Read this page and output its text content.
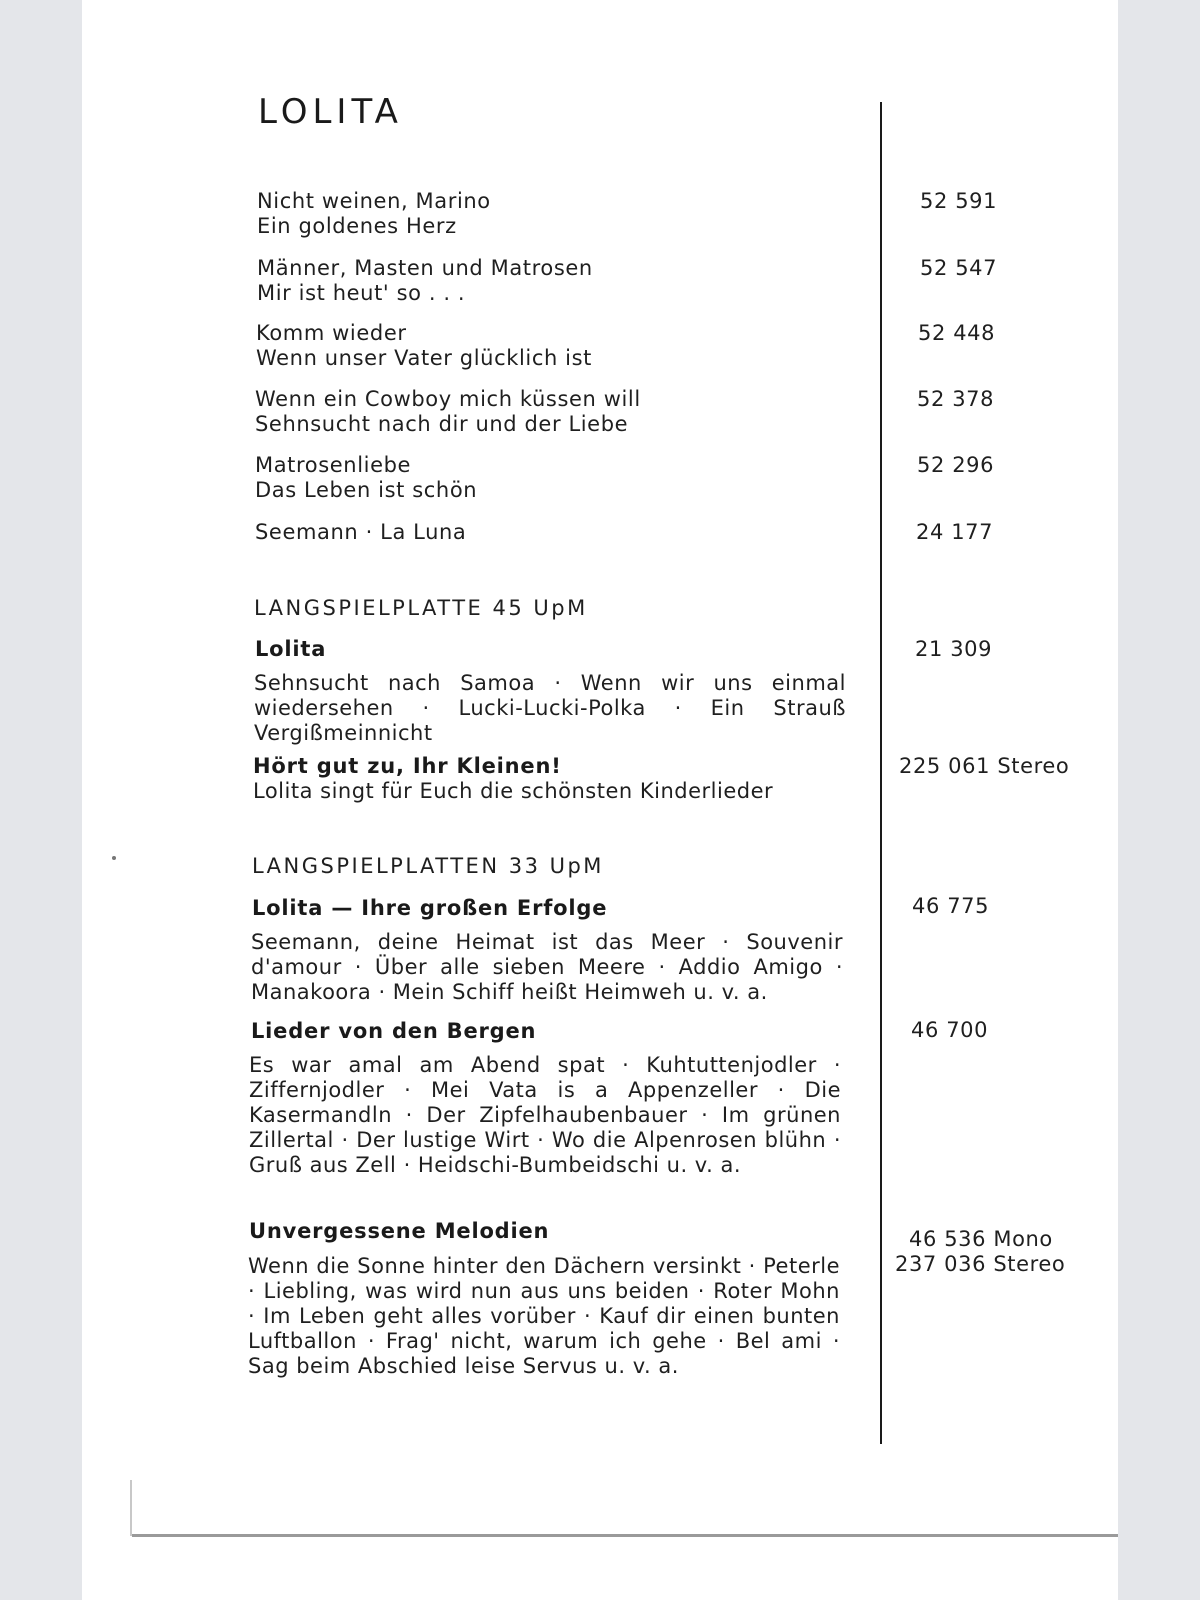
LOLITA
Nicht weinen, Marino
Ein goldenes Herz
52 591
Männer, Masten und Matrosen
Mir ist heut' so . . .
52 547
Komm wieder
Wenn unser Vater glücklich ist
52 448
Wenn ein Cowboy mich küssen will
Sehnsucht nach dir und der Liebe
52 378
Matrosenliebe
Das Leben ist schön
52 296
Seemann · La Luna	24 177
LANGSPIELPLATTE 45 UpM
Lolita	21 309
Sehnsucht nach Samoa · Wenn wir uns einmal wiedersehen · Lucki-Lucki-Polka · Ein Strauß Vergißmeinnicht
Hört gut zu, Ihr Kleinen!	225 061 Stereo
Lolita singt für Euch die schönsten Kinderlieder
LANGSPIELPLATTEN 33 UpM
Lolita — Ihre großen Erfolge	46 775
Seemann, deine Heimat ist das Meer · Souvenir d'amour · Über alle sieben Meere · Addio Amigo · Manakoora · Mein Schiff heißt Heimweh u. v. a.
Lieder von den Bergen	46 700
Es war amal am Abend spat · Kuhtuttenjodler · Ziffernjodler · Mei Vata is a Appenzeller · Die Kasermandln · Der Zipfelhaubenbauer · Im grünen Zillertal · Der lustige Wirt · Wo die Alpenrosen blühn · Gruß aus Zell · Heidschi-Bumbeidschi u. v. a.
Unvergessene Melodien	46 536 Mono
237 036 Stereo
Wenn die Sonne hinter den Dächern versinkt · Peterle · Liebling, was wird nun aus uns beiden · Roter Mohn · Im Leben geht alles vorüber · Kauf dir einen bunten Luftballon · Frag' nicht, warum ich gehe · Bel ami · Sag beim Abschied leise Servus u. v. a.
